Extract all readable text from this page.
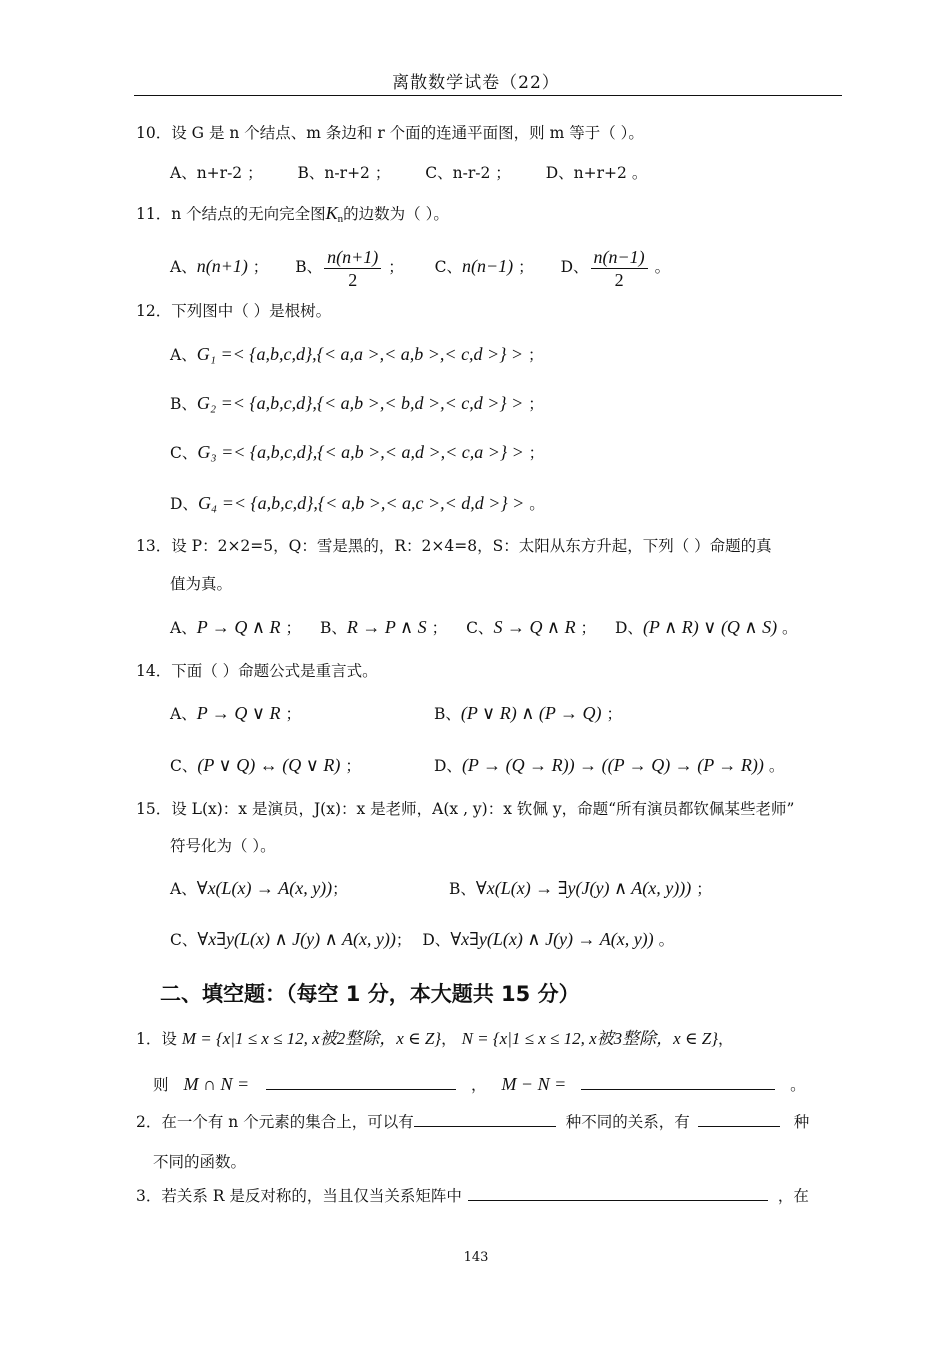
离散数学试卷（22）
10．设 G 是 n 个结点、m 条边和 r 个面的连通平面图，则 m 等于（ ）。
A、n+r-2 ； B、n-r+2 ； C、n-r-2 ； D、n+r+2 。
11．n 个结点的无向完全图$K_n$的边数为（ ）。
A、n(n+1) ； B、 $\frac{n(n+1)}{2}$ ； C、n(n−1) ； D、 $\frac{n(n-1)}{2}$ 。
12．下列图中（ ）是根树。
A、G₁ =< {a,b,c,d},{< a,a >,< a,b >,< c,d >} > ；
B、G₂ =< {a,b,c,d},{< a,b >,< b,d >,< c,d >} > ；
C、G₃ =< {a,b,c,d},{< a,b >,< a,d >,< c,a >} > ；
D、G₄ =< {a,b,c,d},{< a,b >,< a,c >,< d,d >} > 。
13．设 P：2×2=5，Q：雪是黑的，R：2×4=8，S：太阳从东方升起，下列（ ）命题的真
值为真。
A、P → Q ∧ R ； B、R → P ∧ S ； C、S → Q ∧ R ； D、(P ∧ R) ∨ (Q ∧ S) 。
14．下面（ ）命题公式是重言式。
A、P → Q ∨ R ；	B、(P ∨ R) ∧ (P → Q) ；
C、(P ∨ Q) ↔ (Q ∨ R) ；	D、(P → (Q → R)) → ((P → Q) → (P → R)) 。
15．设 L(x)：x 是演员，J(x)：x 是老师，A(x , y)：x 钦佩 y，命题“所有演员都钦佩某些老师”
符号化为（ ）。
A、∀x(L(x) → A(x, y))；	B、∀x(L(x) → ∃y(J(y) ∧ A(x, y))) ；
C、∀x∃y(L(x) ∧ J(y) ∧ A(x, y))； D、∀x∃y(L(x) ∧ J(y) → A(x, y)) 。
二、填空题：（每空 1 分，本大题共 15 分）
1．设 M = {x|1 ≤ x ≤ 12, x被2整除，x ∈ Z}， N = {x|1 ≤ x ≤ 12, x被3整除，x ∈ Z}，
则 M ∩ N =	， M − N =	。
2．在一个有 n 个元素的集合上，可以有	种不同的关系，有	种
不同的函数。
3．若关系 R 是反对称的，当且仅当关系矩阵中	，在
143
